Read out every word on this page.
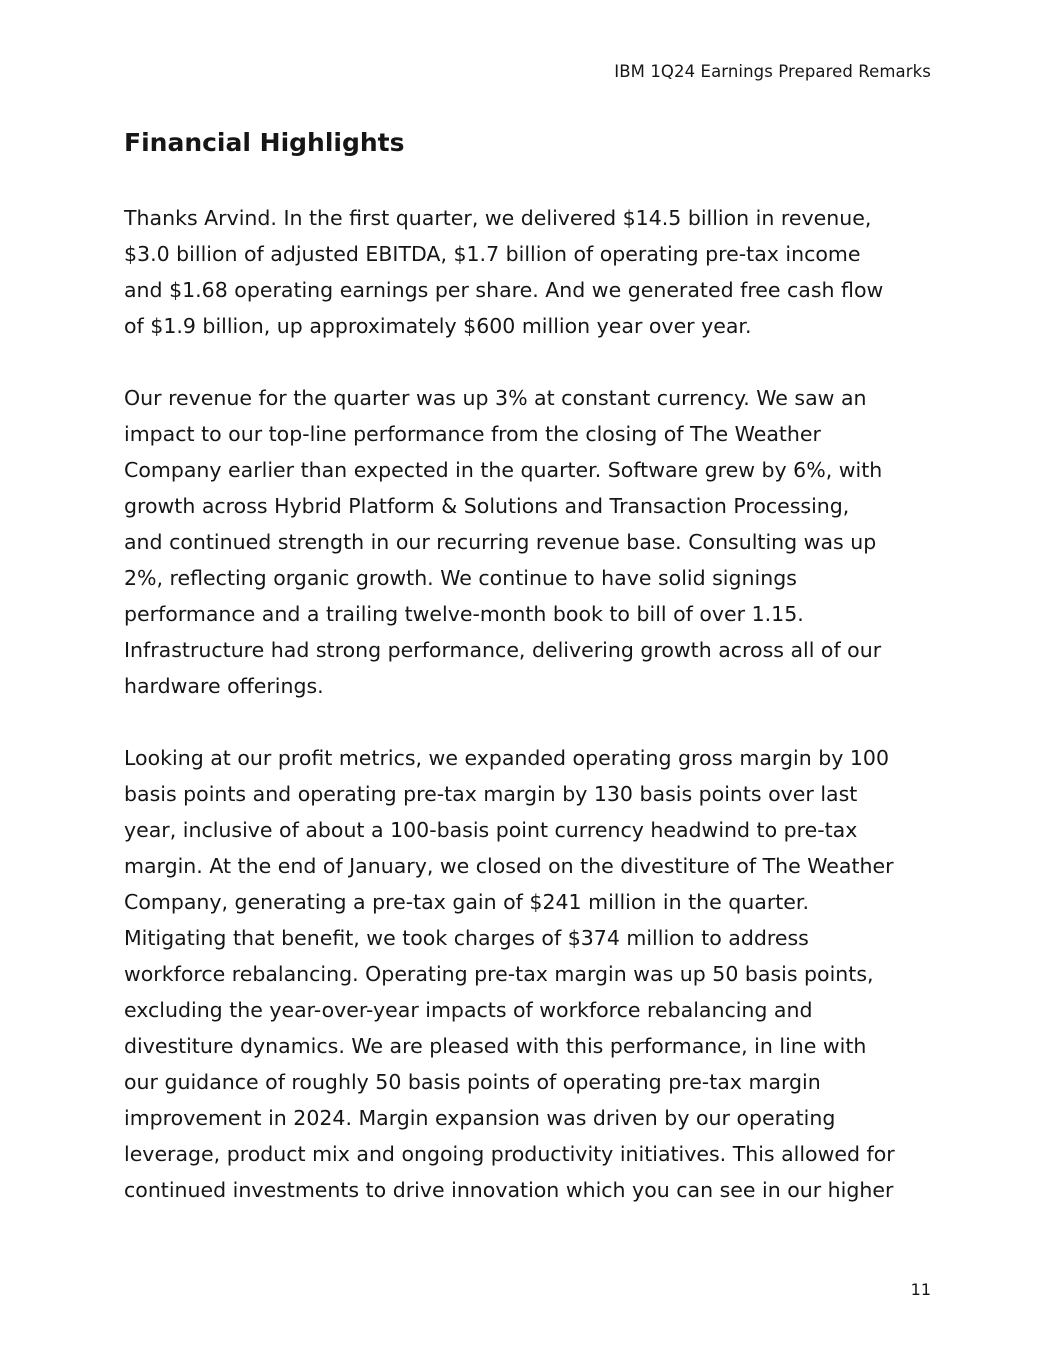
IBM 1Q24 Earnings Prepared Remarks
Financial Highlights

Thanks Arvind. In the first quarter, we delivered $14.5 billion in revenue,
$3.0 billion of adjusted EBITDA, $1.7 billion of operating pre-tax income
and $1.68 operating earnings per share. And we generated free cash flow
of $1.9 billion, up approximately $600 million year over year.

Our revenue for the quarter was up 3% at constant currency. We saw an
impact to our top-line performance from the closing of The Weather
Company earlier than expected in the quarter. Software grew by 6%, with
growth across Hybrid Platform & Solutions and Transaction Processing,
and continued strength in our recurring revenue base. Consulting was up
2%, reflecting organic growth. We continue to have solid signings
performance and a trailing twelve-month book to bill of over 1.15.
Infrastructure had strong performance, delivering growth across all of our
hardware offerings.

Looking at our profit metrics, we expanded operating gross margin by 100
basis points and operating pre-tax margin by 130 basis points over last
year, inclusive of about a 100-basis point currency headwind to pre-tax
margin. At the end of January, we closed on the divestiture of The Weather
Company, generating a pre-tax gain of $241 million in the quarter.
Mitigating that benefit, we took charges of $374 million to address
workforce rebalancing. Operating pre-tax margin was up 50 basis points,
excluding the year-over-year impacts of workforce rebalancing and
divestiture dynamics. We are pleased with this performance, in line with
our guidance of roughly 50 basis points of operating pre-tax margin
improvement in 2024. Margin expansion was driven by our operating
leverage, product mix and ongoing productivity initiatives. This allowed for
continued investments to drive innovation which you can see in our higher

11
